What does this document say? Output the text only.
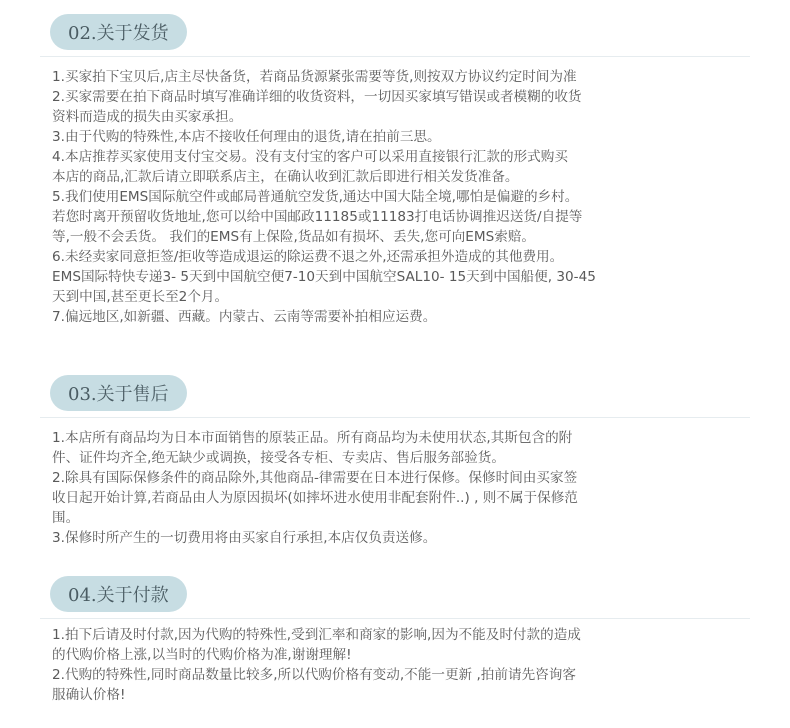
02.关于发货
1.买家拍下宝贝后,店主尽快备货，若商品货源紧张需要等货,则按双方协议约定时间为准
2.买家需要在拍下商品时填写准确详细的收货资料，一切因买家填写错误或者模糊的收货
资料而造成的损失由买家承担。
3.由于代购的特殊性,本店不接收任何理由的退货,请在拍前三思。
4.本店推荐买家使用支付宝交易。没有支付宝的客户可以采用直接银行汇款的形式购买
本店的商品,汇款后请立即联系店主，在确认收到汇款后即进行相关发货准备。
5.我们使用EMS国际航空件或邮局普通航空发货,通达中国大陆全境,哪怕是偏避的乡村。
若您时离开预留收货地址,您可以给中国邮政11185或11183打电话协调推迟送货/自提等
等,一般不会丢货。 我们的EMS有上保险,货品如有损坏、丢失,您可向EMS索赔。
6.未经卖家同意拒签/拒收等造成退运的除运费不退之外,还需承担外造成的其他费用。
EMS国际特快专递3- 5天到中国航空便7-10天到中国航空SAL10- 15天到中国船便, 30-45
天到中国,甚至更长至2个月。
7.偏远地区,如新疆、西藏。内蒙古、云南等需要补拍相应运费。
03.关于售后
1.本店所有商品均为日本市面销售的原装正品。所有商品均为未使用状态,其斯包含的附
件、证件均齐全,绝无缺少或调换，接受各专柜、专卖店、售后服务部验货。
2.除具有国际保修条件的商品除外,其他商品-律需要在日本进行保修。保修时间由买家签
收日起开始计算,若商品由人为原因损坏(如摔坏进水使用非配套附件..) , 则不属于保修范
围。
3.保修时所产生的一切费用将由买家自行承担,本店仅负责送修。
04.关于付款
1.拍下后请及时付款,因为代购的特殊性,受到汇率和商家的影响,因为不能及时付款的造成
的代购价格上涨,以当时的代购价格为准,谢谢理解!
2.代购的特殊性,同时商品数量比较多,所以代购价格有变动,不能一更新 ,拍前请先咨询客
服确认价格!
